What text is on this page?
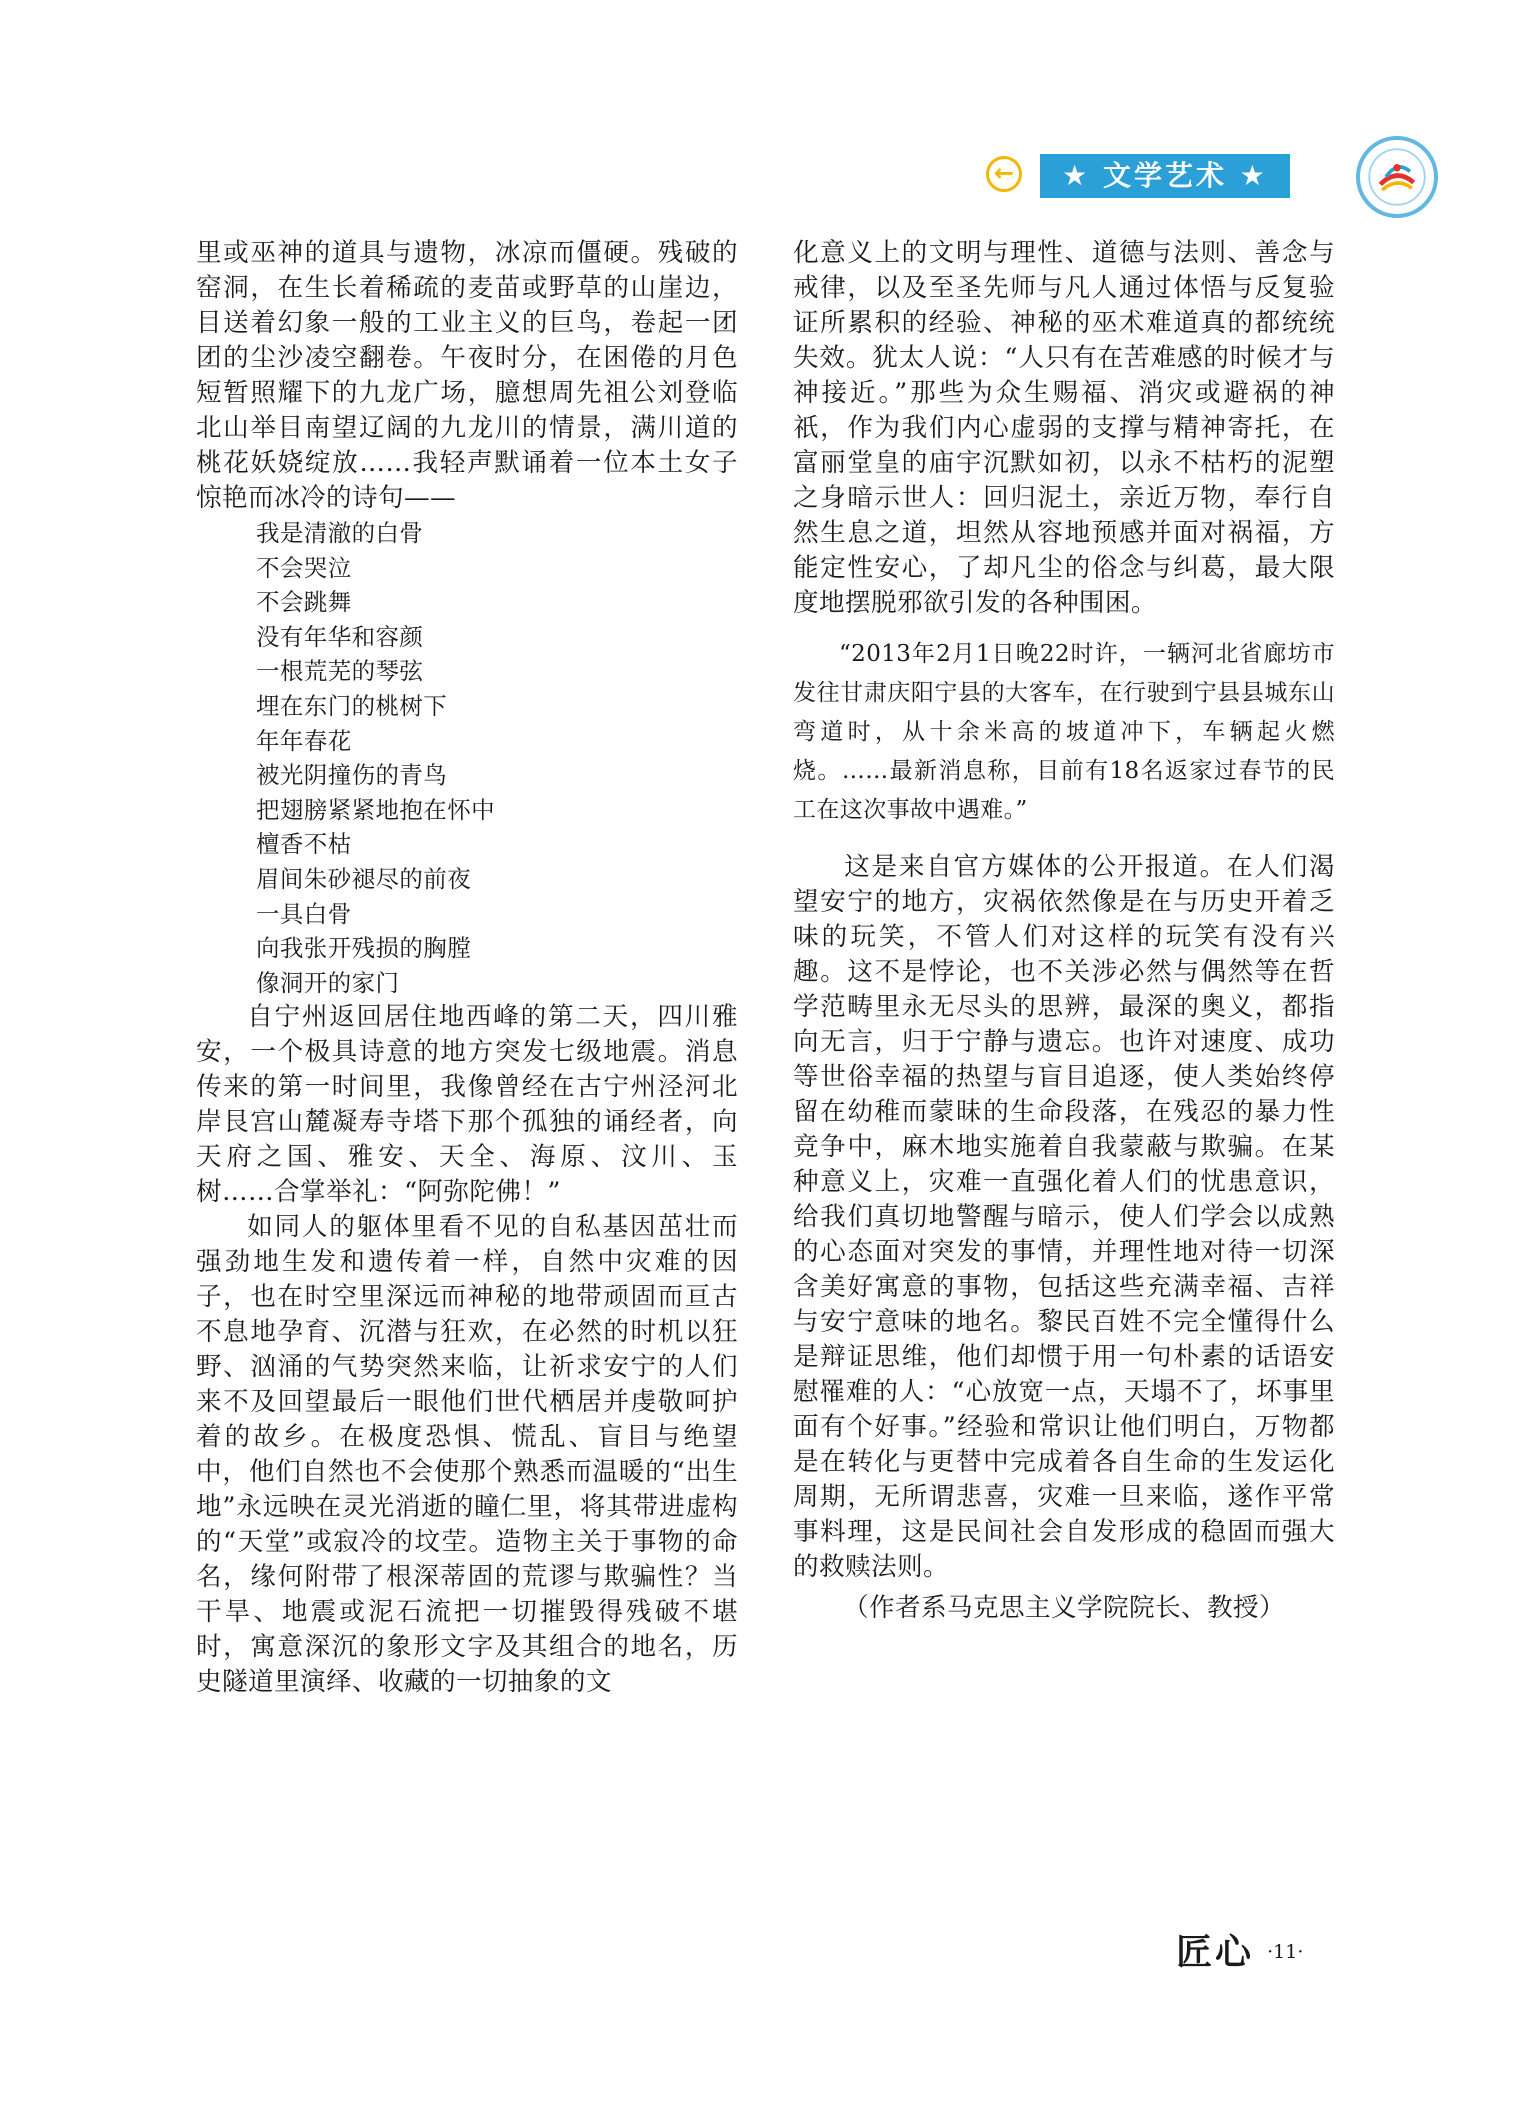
←	★ 文学艺术 ★

里或巫神的道具与遗物，冰凉而僵硬。残破的窑洞，在生长着稀疏的麦苗或野草的山崖边，目送着幻象一般的工业主义的巨鸟，卷起一团团的尘沙凌空翻卷。午夜时分，在困倦的月色短暂照耀下的九龙广场，臆想周先祖公刘登临北山举目南望辽阔的九龙川的情景，满川道的桃花妖娆绽放……我轻声默诵着一位本土女子惊艳而冰冷的诗句——

我是清澈的白骨
不会哭泣
不会跳舞
没有年华和容颜
一根荒芜的琴弦
埋在东门的桃树下
年年春花
被光阴撞伤的青鸟
把翅膀紧紧地抱在怀中
檀香不枯
眉间朱砂褪尽的前夜
一具白骨
向我张开残损的胸膛
像洞开的家门

自宁州返回居住地西峰的第二天，四川雅安，一个极具诗意的地方突发七级地震。消息传来的第一时间里，我像曾经在古宁州泾河北岸艮宫山麓凝寿寺塔下那个孤独的诵经者，向天府之国、雅安、天全、海原、汶川、玉树……合掌举礼：“阿弥陀佛！”

如同人的躯体里看不见的自私基因茁壮而强劲地生发和遗传着一样，自然中灾难的因子，也在时空里深远而神秘的地带顽固而亘古不息地孕育、沉潜与狂欢，在必然的时机以狂野、汹涌的气势突然来临，让祈求安宁的人们来不及回望最后一眼他们世代栖居并虔敬呵护着的故乡。在极度恐惧、慌乱、盲目与绝望中，他们自然也不会使那个熟悉而温暖的“出生地”永远映在灵光消逝的瞳仁里，将其带进虚构的“天堂”或寂冷的坟茔。造物主关于事物的命名，缘何附带了根深蒂固的荒谬与欺骗性？当干旱、地震或泥石流把一切摧毁得残破不堪时，寓意深沉的象形文字及其组合的地名，历史隧道里演绎、收藏的一切抽象的文

化意义上的文明与理性、道德与法则、善念与戒律，以及至圣先师与凡人通过体悟与反复验证所累积的经验、神秘的巫术难道真的都统统失效。犹太人说：“人只有在苦难感的时候才与神接近。”那些为众生赐福、消灾或避祸的神祇，作为我们内心虚弱的支撑与精神寄托，在富丽堂皇的庙宇沉默如初，以永不枯朽的泥塑之身暗示世人：回归泥土，亲近万物，奉行自然生息之道，坦然从容地预感并面对祸福，方能定性安心，了却凡尘的俗念与纠葛，最大限度地摆脱邪欲引发的各种围困。

“2013年2月1日晚22时许，一辆河北省廊坊市发往甘肃庆阳宁县的大客车，在行驶到宁县县城东山弯道时，从十余米高的坡道冲下，车辆起火燃烧。……最新消息称，目前有18名返家过春节的民工在这次事故中遇难。”

这是来自官方媒体的公开报道。在人们渴望安宁的地方，灾祸依然像是在与历史开着乏味的玩笑，不管人们对这样的玩笑有没有兴趣。这不是悖论，也不关涉必然与偶然等在哲学范畴里永无尽头的思辨，最深的奥义，都指向无言，归于宁静与遗忘。也许对速度、成功等世俗幸福的热望与盲目追逐，使人类始终停留在幼稚而蒙昧的生命段落，在残忍的暴力性竞争中，麻木地实施着自我蒙蔽与欺骗。在某种意义上，灾难一直强化着人们的忧患意识，给我们真切地警醒与暗示，使人们学会以成熟的心态面对突发的事情，并理性地对待一切深含美好寓意的事物，包括这些充满幸福、吉祥与安宁意味的地名。黎民百姓不完全懂得什么是辩证思维，他们却惯于用一句朴素的话语安慰罹难的人：“心放宽一点，天塌不了，坏事里面有个好事。”经验和常识让他们明白，万物都是在转化与更替中完成着各自生命的生发运化周期，无所谓悲喜，灾难一旦来临，遂作平常事料理，这是民间社会自发形成的稳固而强大的救赎法则。

（作者系马克思主义学院院长、教授）

匠心 ·11·
